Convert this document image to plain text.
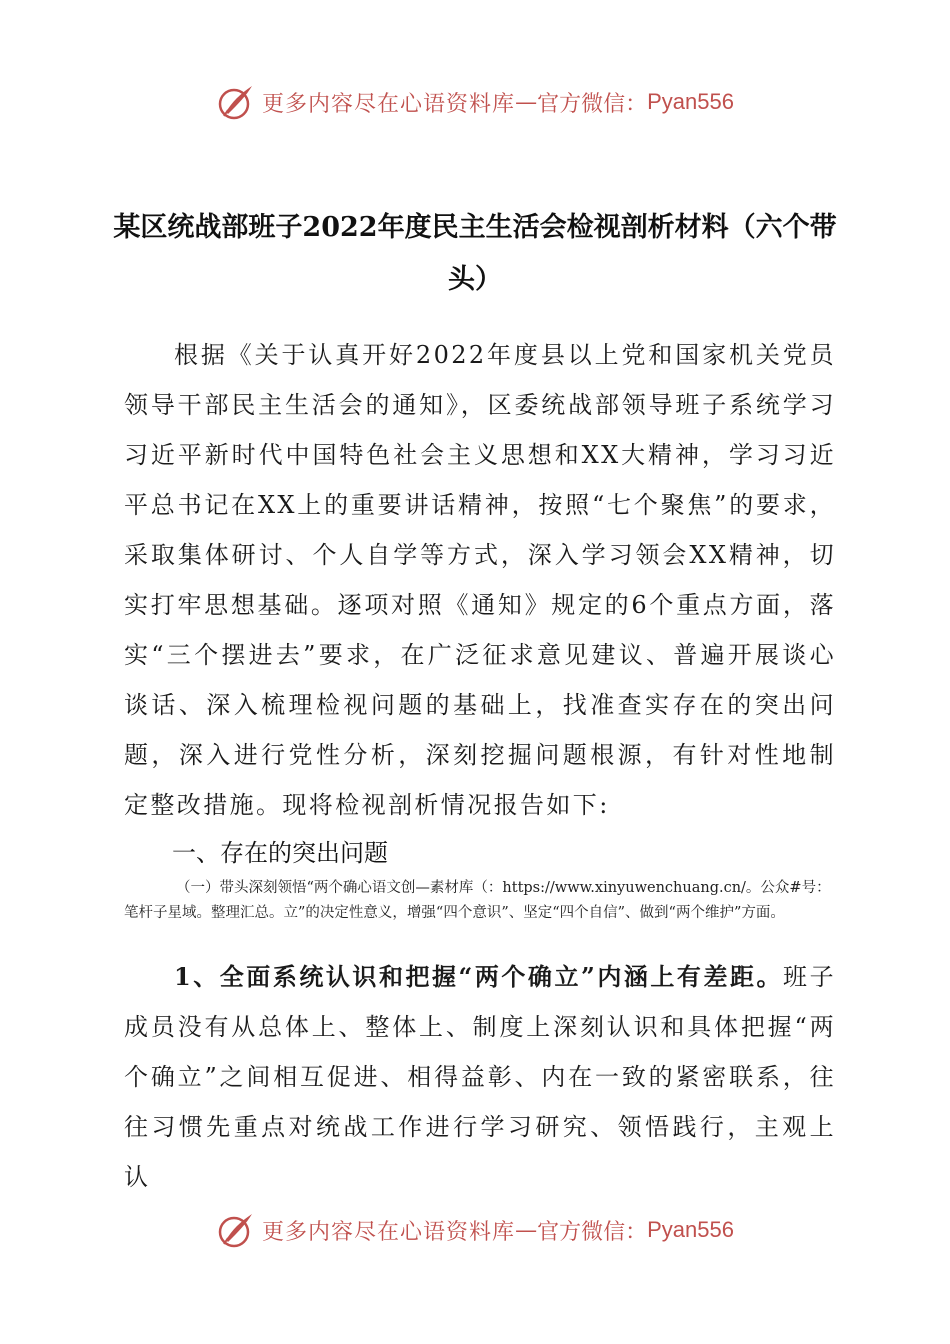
更多内容尽在心语资料库 — 官方微信： Pyan556
某区统战部班子2022年度民主生活会检视剖析材料（六个带头）
根据《关于认真开好2022年度县以上党和国家机关党员领导干部民主生活会的通知》，区委统战部领导班子系统学习习近平新时代中国特色社会主义思想和XX大精神，学习习近平总书记在XX上的重要讲话精神，按照“七个聚焦”的要求，采取集体研讨、个人自学等方式，深入学习领会XX精神，切实打牢思想基础。逐项对照《通知》规定的6个重点方面，落实“三个摆进去”要求，在广泛征求意见建议、普遍开展谈心谈话、深入梳理检视问题的基础上，找准查实存在的突出问题，深入进行党性分析，深刻挖掘问题根源，有针对性地制定整改措施。现将检视剖析情况报告如下:
一、存在的突出问题
（一）带头深刻领悟“两个确心语文创—素材库（：https://www.xinyuwenchuang.cn/。公众#号：笔杆子星域。整理汇总。立”的决定性意义，增强“四个意识”、坚定“四个自信”、做到“两个维护”方面。
1、全面系统认识和把握“两个确立”内涵上有差距。班子成员没有从总体上、整体上、制度上深刻认识和具体把握“两个确立”之间相互促进、相得益彰、内在一致的紧密联系，往往习惯先重点对统战工作进行学习研究、领悟践行，主观上认
更多内容尽在心语资料库 — 官方微信： Pyan556
